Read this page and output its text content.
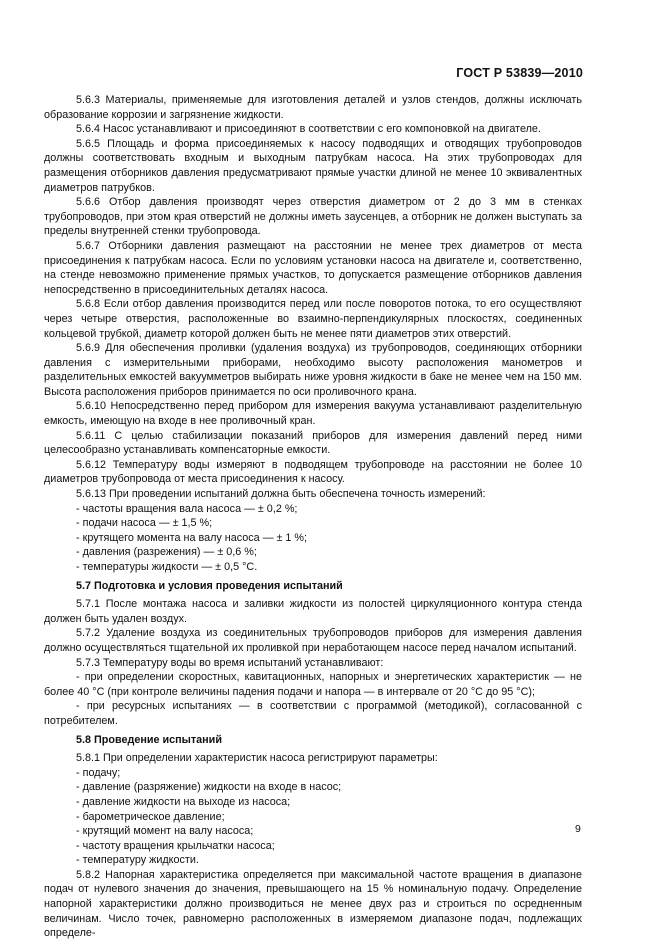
ГОСТ Р 53839—2010

5.6.3 Материалы, применяемые для изготовления деталей и узлов стендов, должны исключать образование коррозии и загрязнение жидкости.

5.6.4 Насос устанавливают и присоединяют в соответствии с его компоновкой на двигателе.

5.6.5 Площадь и форма присоединяемых к насосу подводящих и отводящих трубопроводов должны соответствовать входным и выходным патрубкам насоса. На этих трубопроводах для размещения отборников давления предусматривают прямые участки длиной не менее 10 эквивалентных диаметров патрубков.

5.6.6 Отбор давления производят через отверстия диаметром от 2 до 3 мм в стенках трубопроводов, при этом края отверстий не должны иметь заусенцев, а отборник не должен выступать за пределы внутренней стенки трубопровода.

5.6.7 Отборники давления размещают на расстоянии не менее трех диаметров от места присоединения к патрубкам насоса. Если по условиям установки насоса на двигателе и, соответственно, на стенде невозможно применение прямых участков, то допускается размещение отборников давления непосредственно в присоединительных деталях насоса.

5.6.8 Если отбор давления производится перед или после поворотов потока, то его осуществляют через четыре отверстия, расположенные во взаимно-перпендикулярных плоскостях, соединенных кольцевой трубкой, диаметр которой должен быть не менее пяти диаметров этих отверстий.

5.6.9 Для обеспечения проливки (удаления воздуха) из трубопроводов, соединяющих отборники давления с измерительными приборами, необходимо высоту расположения манометров и разделительных емкостей вакуумметров выбирать ниже уровня жидкости в баке не менее чем на 150 мм. Высота расположения приборов принимается по оси проливочного крана.

5.6.10 Непосредственно перед прибором для измерения вакуума устанавливают разделительную емкость, имеющую на входе в нее проливочный кран.

5.6.11 С целью стабилизации показаний приборов для измерения давлений перед ними целесообразно устанавливать компенсаторные емкости.

5.6.12 Температуру воды измеряют в подводящем трубопроводе на расстоянии не более 10 диаметров трубопровода от места присоединения к насосу.

5.6.13 При проведении испытаний должна быть обеспечена точность измерений:

- частоты вращения вала насоса — ± 0,2 %;

- подачи насоса — ± 1,5 %;

- крутящего момента на валу насоса — ± 1 %;

- давления (разрежения) — ± 0,6 %;

- температуры жидкости — ± 0,5 °С.

5.7 Подготовка и условия проведения испытаний

5.7.1 После монтажа насоса и заливки жидкости из полостей циркуляционного контура стенда должен быть удален воздух.

5.7.2 Удаление воздуха из соединительных трубопроводов приборов для измерения давления должно осуществляться тщательной их проливкой при неработающем насосе перед началом испытаний.

5.7.3 Температуру воды во время испытаний устанавливают:

- при определении скоростных, кавитационных, напорных и энергетических характеристик — не более 40 °С (при контроле величины падения подачи и напора — в интервале от 20 °С до 95 °С);

- при ресурсных испытаниях — в соответствии с программой (методикой), согласованной с потребителем.

5.8 Проведение испытаний

5.8.1 При определении характеристик насоса регистрируют параметры:

- подачу;

- давление (разряжение) жидкости на входе в насос;

- давление жидкости на выходе из насоса;

- барометрическое давление;

- крутящий момент на валу насоса;

- частоту вращения крыльчатки насоса;

- температуру жидкости.

5.8.2 Напорная характеристика определяется при максимальной частоте вращения в диапазоне подач от нулевого значения до значения, превышающего на 15 % номинальную подачу. Определение напорной характеристики должно производиться не менее двух раз и строиться по осредненным величинам. Число точек, равномерно расположенных в измеряемом диапазоне подач, подлежащих определе-

9
